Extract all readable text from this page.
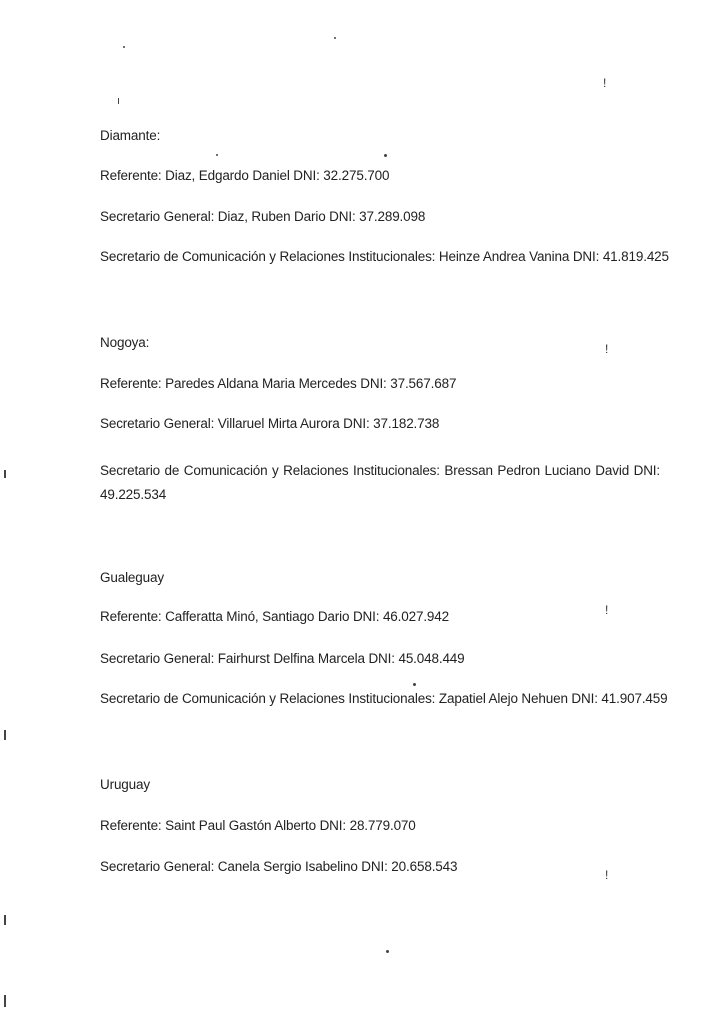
Diamante:

Referente: Diaz, Edgardo Daniel DNI: 32.275.700

Secretario General: Diaz, Ruben Dario DNI: 37.289.098

Secretario de Comunicación y Relaciones Institucionales: Heinze Andrea Vanina DNI: 41.819.425

Nogoya:

Referente: Paredes Aldana Maria Mercedes DNI: 37.567.687

Secretario General: Villaruel Mirta Aurora DNI: 37.182.738

Secretario de Comunicación y Relaciones Institucionales: Bressan Pedron Luciano David DNI: 49.225.534

Gualeguay

Referente: Cafferatta Minó, Santiago Dario DNI: 46.027.942

Secretario General: Fairhurst Delfina Marcela DNI: 45.048.449

Secretario de Comunicación y Relaciones Institucionales: Zapatiel Alejo Nehuen DNI: 41.907.459

Uruguay

Referente: Saint Paul Gastón Alberto DNI: 28.779.070

Secretario General: Canela Sergio Isabelino DNI: 20.658.543

!
!
!
!
